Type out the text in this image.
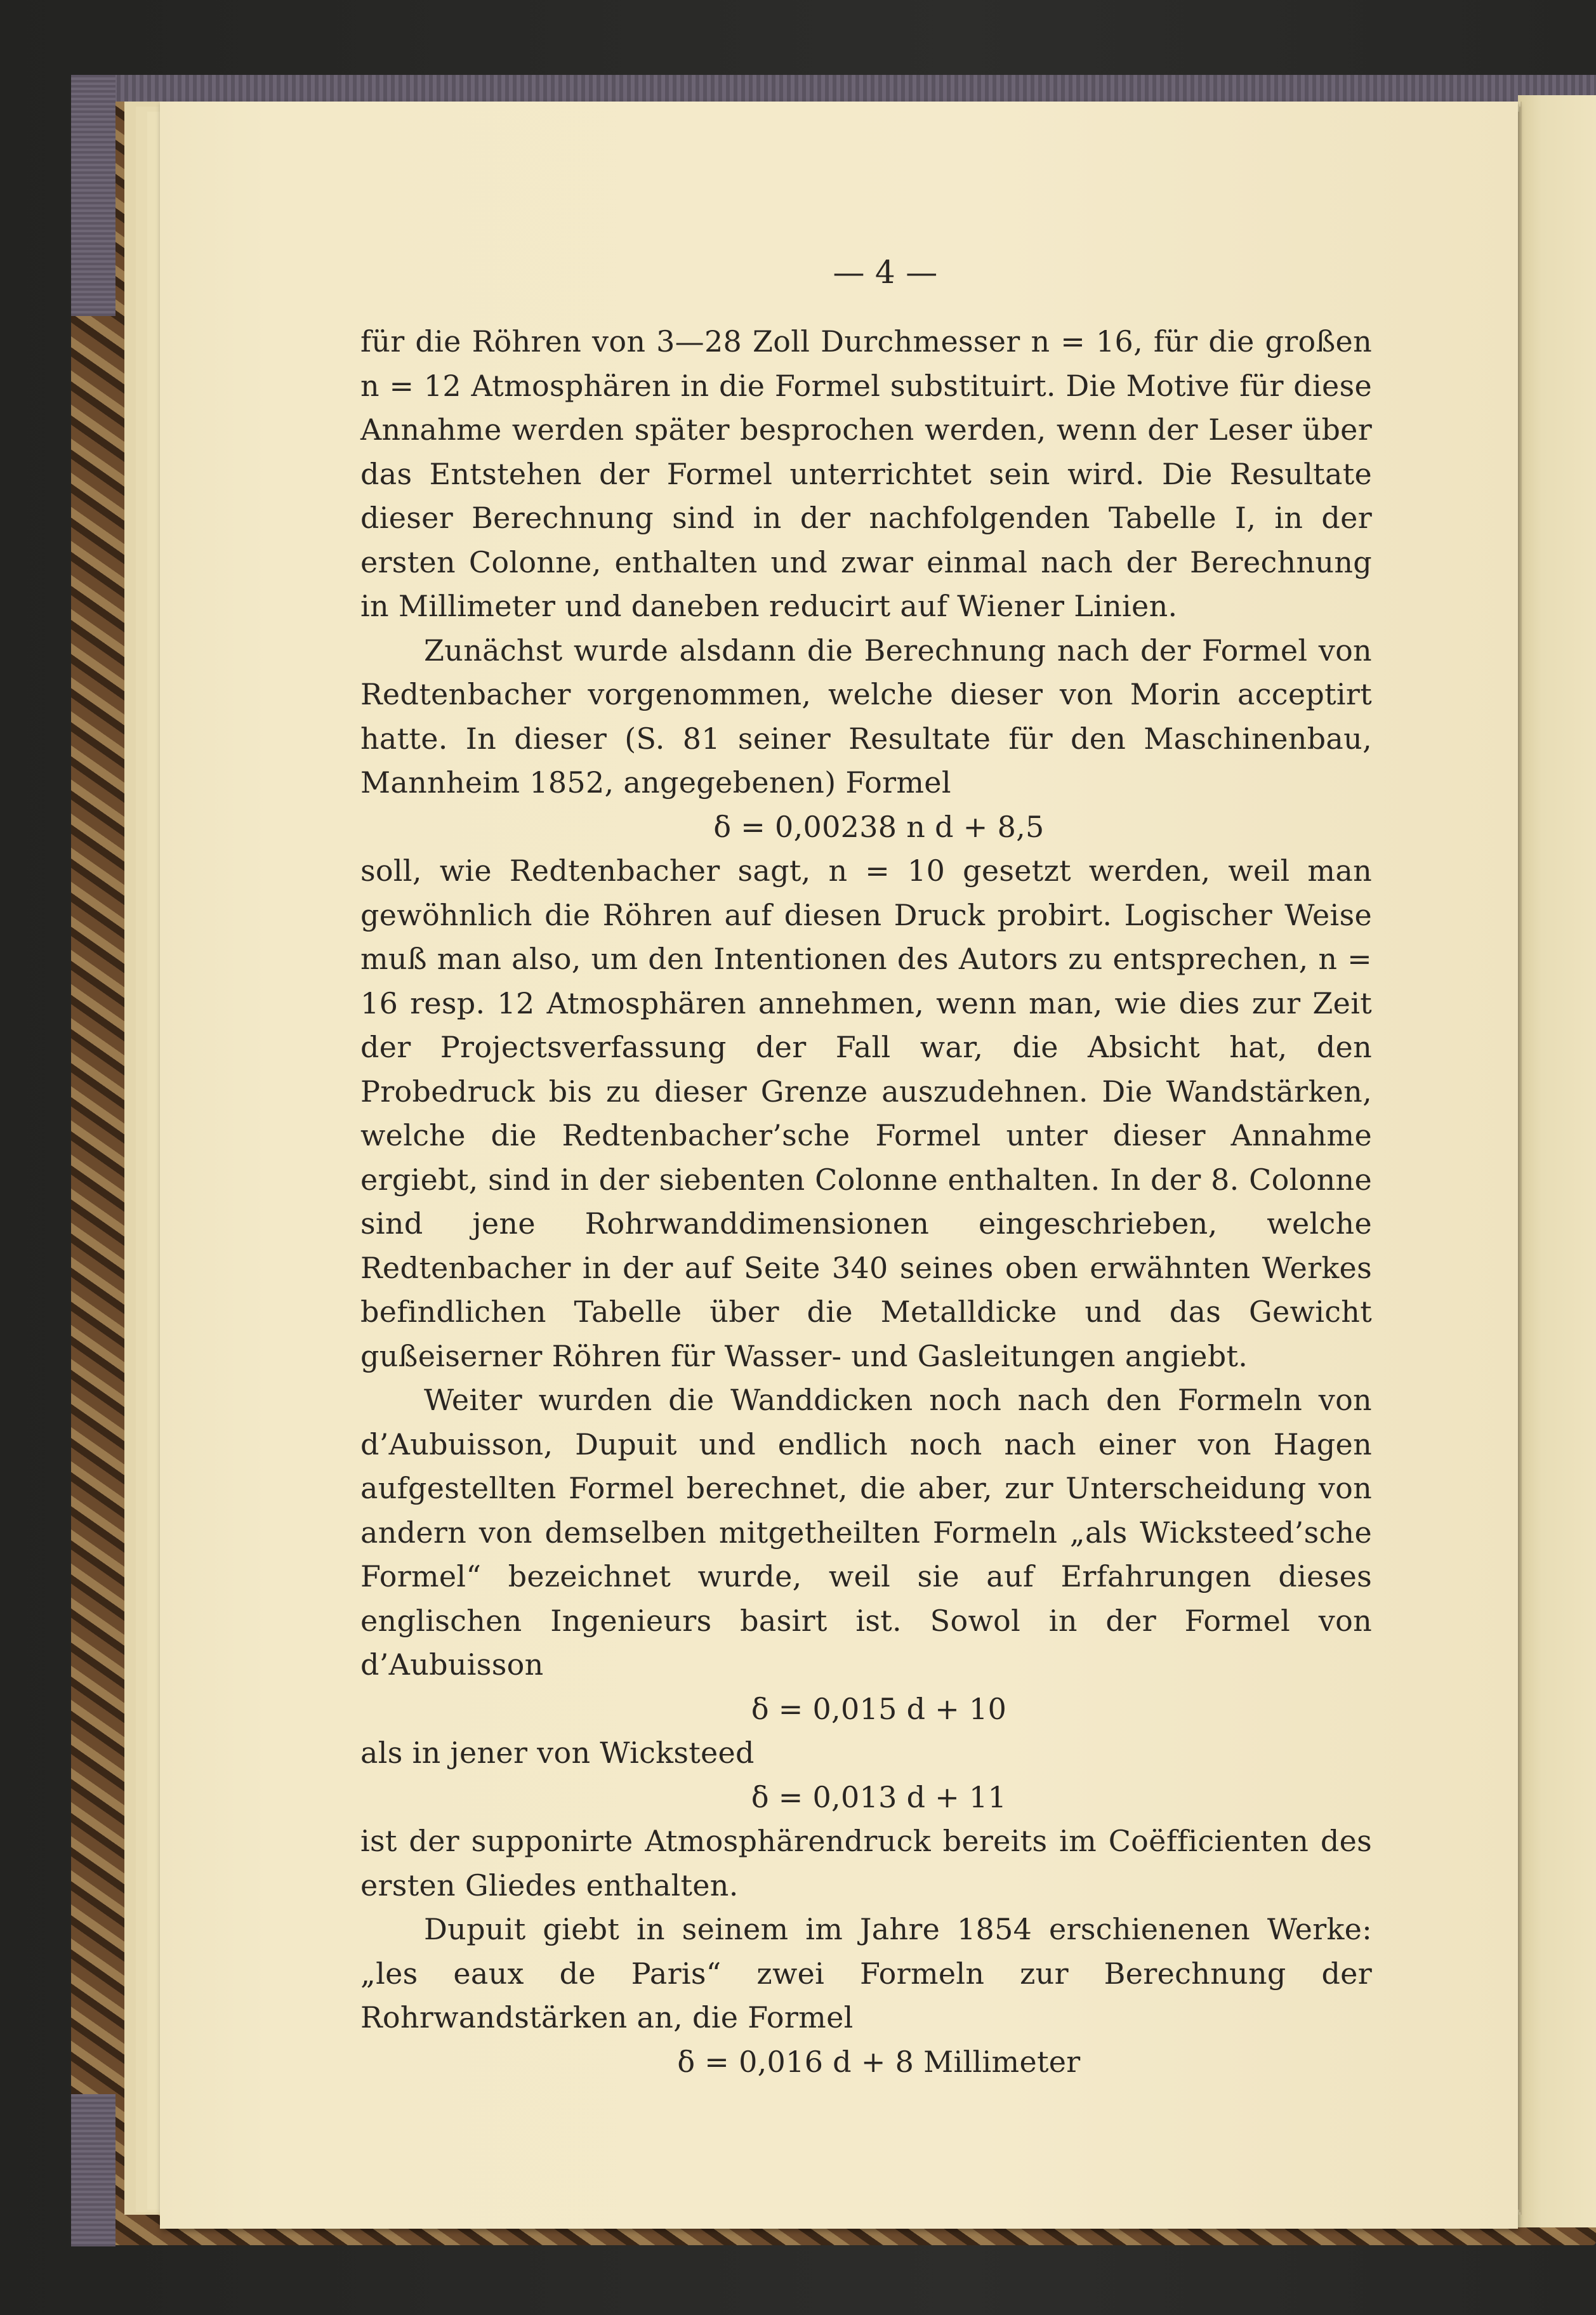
— 4 —

für die Röhren von 3—28 Zoll Durchmesser n = 16, für die großen n = 12 Atmosphären in die Formel substituirt. Die Motive für diese Annahme werden später besprochen werden, wenn der Leser über das Entstehen der Formel unterrichtet sein wird. Die Resultate dieser Berechnung sind in der nachfolgenden Tabelle I, in der ersten Colonne, enthalten und zwar einmal nach der Berechnung in Millimeter und daneben reducirt auf Wiener Linien.

Zunächst wurde alsdann die Berechnung nach der Formel von Redtenbacher vorgenommen, welche dieser von Morin acceptirt hatte. In dieser (S. 81 seiner Resultate für den Maschinenbau, Mannheim 1852, angegebenen) Formel

δ = 0,00238 n d + 8,5

soll, wie Redtenbacher sagt, n = 10 gesetzt werden, weil man gewöhnlich die Röhren auf diesen Druck probirt. Logischer Weise muß man also, um den Intentionen des Autors zu entsprechen, n = 16 resp. 12 Atmosphären annehmen, wenn man, wie dies zur Zeit der Projectsverfassung der Fall war, die Absicht hat, den Probedruck bis zu dieser Grenze auszudehnen. Die Wandstärken, welche die Redtenbacher’sche Formel unter dieser Annahme ergiebt, sind in der siebenten Colonne enthalten. In der 8. Colonne sind jene Rohrwanddimensionen eingeschrieben, welche Redtenbacher in der auf Seite 340 seines oben erwähnten Werkes befindlichen Tabelle über die Metalldicke und das Gewicht gußeiserner Röhren für Wasser- und Gasleitungen angiebt.

Weiter wurden die Wanddicken noch nach den Formeln von d’Aubuisson, Dupuit und endlich noch nach einer von Hagen aufgestellten Formel berechnet, die aber, zur Unterscheidung von andern von demselben mitgetheilten Formeln „als Wicksteed’sche Formel“ bezeichnet wurde, weil sie auf Erfahrungen dieses englischen Ingenieurs basirt ist. Sowol in der Formel von d’Aubuisson

δ = 0,015 d + 10

als in jener von Wicksteed

δ = 0,013 d + 11

ist der supponirte Atmosphärendruck bereits im Coëfficienten des ersten Gliedes enthalten.

Dupuit giebt in seinem im Jahre 1854 erschienenen Werke: „les eaux de Paris“ zwei Formeln zur Berechnung der Rohrwandstärken an, die Formel

δ = 0,016 d + 8 Millimeter
